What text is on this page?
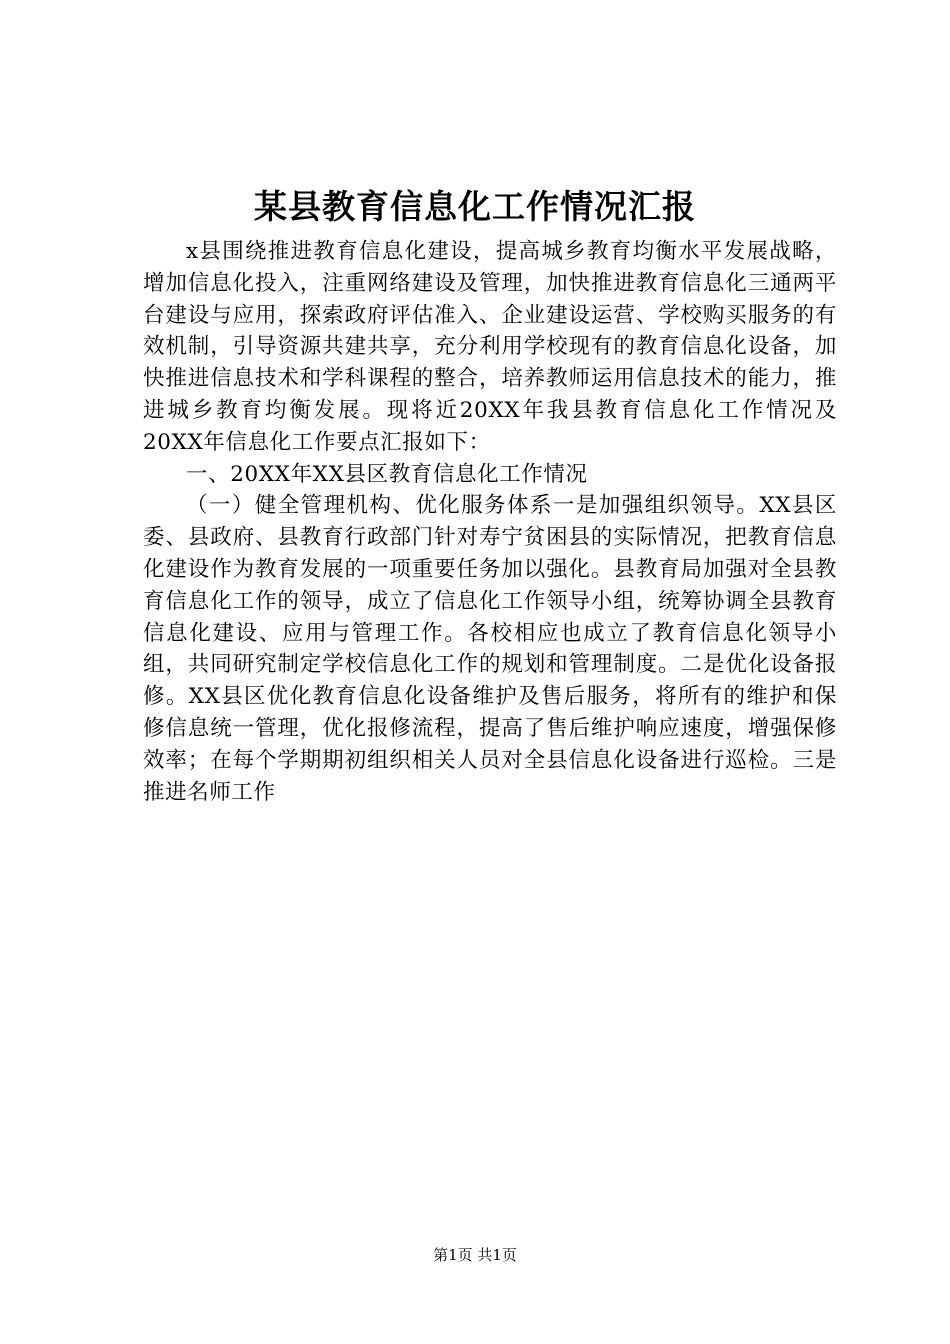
某县教育信息化工作情况汇报

x县围绕推进教育信息化建设，提高城乡教育均衡水平发展战略，增加信息化投入，注重网络建设及管理，加快推进教育信息化三通两平台建设与应用，探索政府评估准入、企业建设运营、学校购买服务的有效机制，引导资源共建共享，充分利用学校现有的教育信息化设备，加快推进信息技术和学科课程的整合，培养教师运用信息技术的能力，推进城乡教育均衡发展。现将近20XX年我县教育信息化工作情况及20XX年信息化工作要点汇报如下：

一、20XX年XX县区教育信息化工作情况

（一）健全管理机构、优化服务体系一是加强组织领导。XX县区委、县政府、县教育行政部门针对寿宁贫困县的实际情况，把教育信息化建设作为教育发展的一项重要任务加以强化。县教育局加强对全县教育信息化工作的领导，成立了信息化工作领导小组，统筹协调全县教育信息化建设、应用与管理工作。各校相应也成立了教育信息化领导小组，共同研究制定学校信息化工作的规划和管理制度。二是优化设备报修。XX县区优化教育信息化设备维护及售后服务，将所有的维护和保修信息统一管理，优化报修流程，提高了售后维护响应速度，增强保修效率；在每个学期期初组织相关人员对全县信息化设备进行巡检。三是推进名师工作

第1页 共1页
